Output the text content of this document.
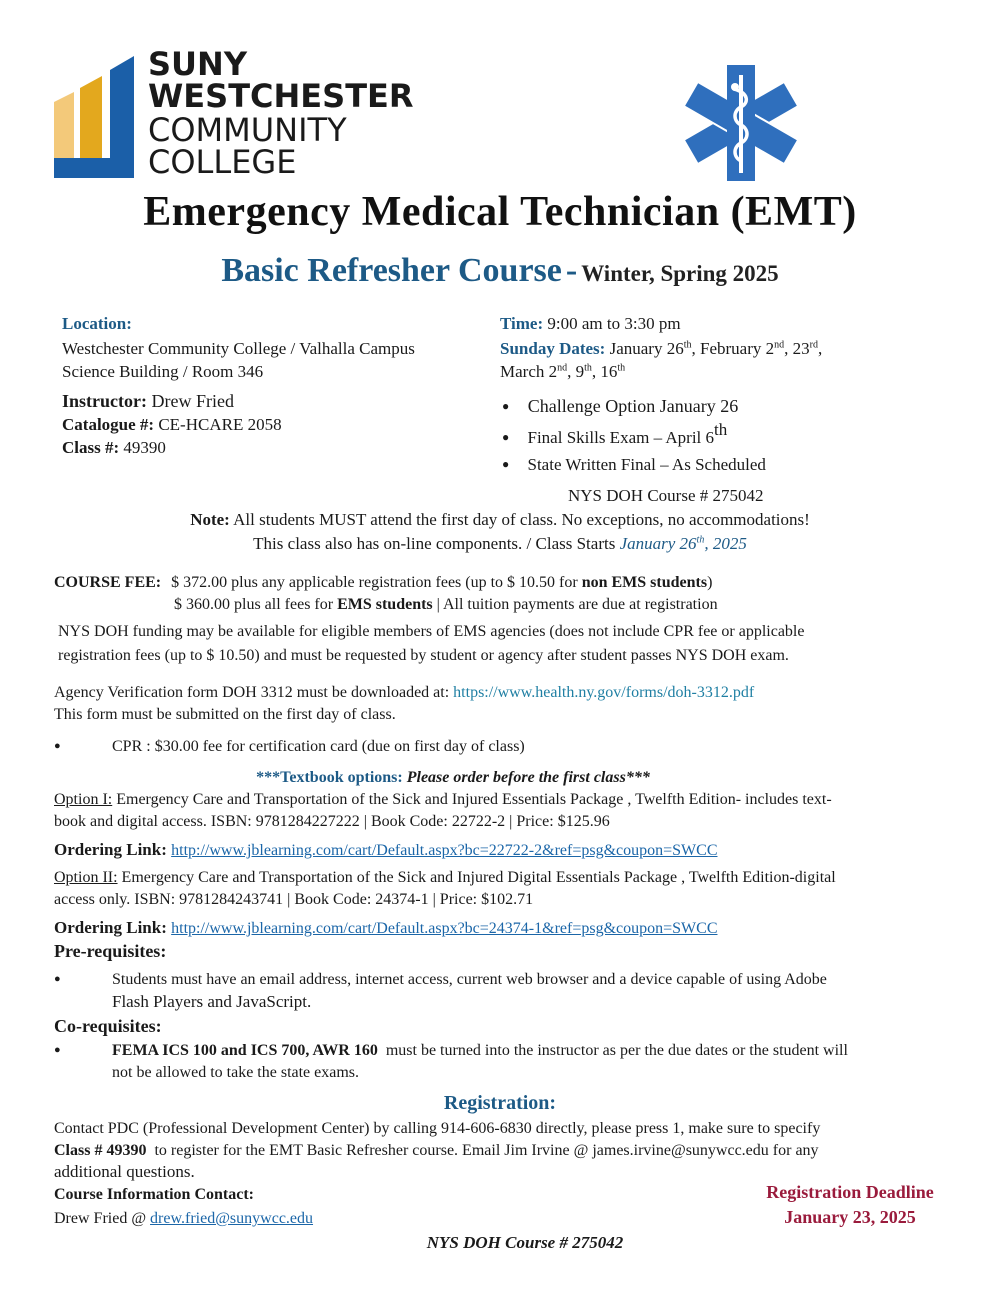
SUNY
WESTCHESTER
COMMUNITY
COLLEGE
Emergency Medical Technician (EMT)
Basic Refresher Course - Winter, Spring 2025
Location:
Westchester Community College / Valhalla Campus
Science Building / Room 346
Instructor: Drew Fried
Catalogue #: CE-HCARE 2058
Class #: 49390
Time: 9:00 am to 3:30 pm
Sunday Dates: January 26th, February 2nd, 23rd,
March 2nd, 9th, 16th
● Challenge Option January 26
● Final Skills Exam – April 6th
● State Written Final – As Scheduled
NYS DOH Course # 275042
Note: All students MUST attend the first day of class. No exceptions, no accommodations!
This class also has on-line components. / Class Starts January 26th, 2025
COURSE FEE: $ 372.00 plus any applicable registration fees (up to $ 10.50 for non EMS students)
$ 360.00 plus all fees for EMS students | All tuition payments are due at registration
NYS DOH funding may be available for eligible members of EMS agencies (does not include CPR fee or applicable
registration fees (up to $ 10.50) and must be requested by student or agency after student passes NYS DOH exam.
Agency Verification form DOH 3312 must be downloaded at: https://www.health.ny.gov/forms/doh-3312.pdf
This form must be submitted on the first day of class.
●	CPR : $30.00 fee for certification card (due on first day of class)
***Textbook options: Please order before the first class***
Option I: Emergency Care and Transportation of the Sick and Injured Essentials Package , Twelfth Edition- includes text-
book and digital access. ISBN: 9781284227222 | Book Code: 22722-2 | Price: $125.96
Ordering Link: http://www.jblearning.com/cart/Default.aspx?bc=22722-2&ref=psg&coupon=SWCC
Option II: Emergency Care and Transportation of the Sick and Injured Digital Essentials Package , Twelfth Edition-digital
access only. ISBN: 9781284243741 | Book Code: 24374-1 | Price: $102.71
Ordering Link: http://www.jblearning.com/cart/Default.aspx?bc=24374-1&ref=psg&coupon=SWCC
Pre-requisites:
●	Students must have an email address, internet access, current web browser and a device capable of using Adobe
Flash Players and JavaScript.
Co-requisites:
●	FEMA ICS 100 and ICS 700, AWR 160 must be turned into the instructor as per the due dates or the student will
not be allowed to take the state exams.
Registration:
Contact PDC (Professional Development Center) by calling 914-606-6830 directly, please press 1, make sure to specify
Class # 49390 to register for the EMT Basic Refresher course. Email Jim Irvine @ james.irvine@sunywcc.edu for any
additional questions.
Course Information Contact:
Drew Fried @ drew.fried@sunywcc.edu
Registration Deadline
January 23, 2025
NYS DOH Course # 275042
